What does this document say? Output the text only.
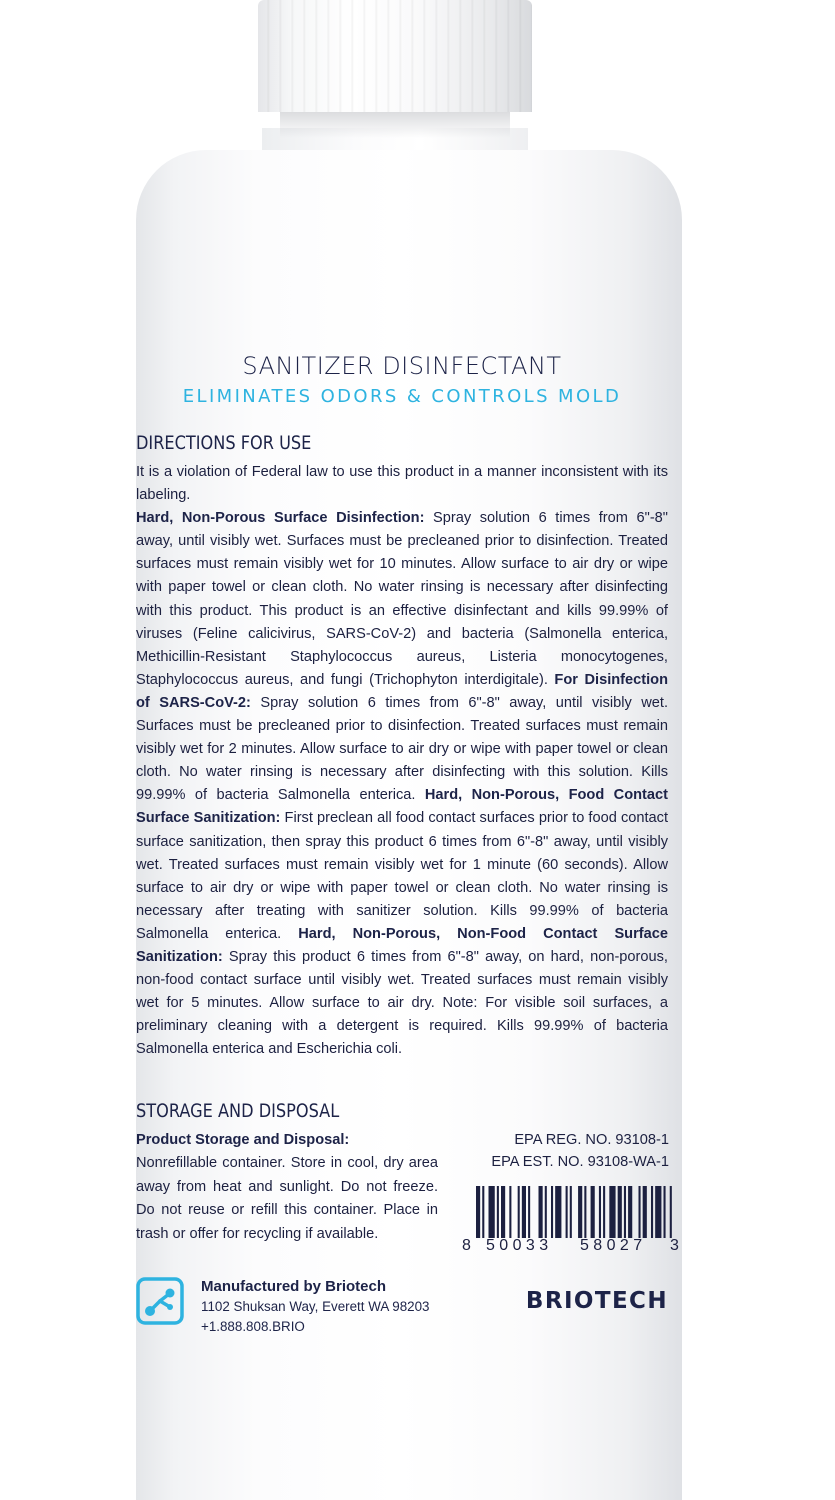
SANITIZER DISINFECTANT
ELIMINATES ODORS & CONTROLS MOLD
DIRECTIONS FOR USE
It is a violation of Federal law to use this product in a manner inconsistent with its labeling.
Hard, Non-Porous Surface Disinfection: Spray solution 6 times from 6"-8" away, until visibly wet. Surfaces must be precleaned prior to disinfection. Treated surfaces must remain visibly wet for 10 minutes. Allow surface to air dry or wipe with paper towel or clean cloth. No water rinsing is necessary after disinfecting with this product. This product is an effective disinfectant and kills 99.99% of viruses (Feline calicivirus, SARS-CoV-2) and bacteria (Salmonella enterica, Methicillin-Resistant Staphylococcus aureus, Listeria monocytogenes, Staphylococcus aureus, and fungi (Trichophyton interdigitale). For Disinfection of SARS-CoV-2: Spray solution 6 times from 6"-8" away, until visibly wet. Surfaces must be precleaned prior to disinfection. Treated surfaces must remain visibly wet for 2 minutes. Allow surface to air dry or wipe with paper towel or clean cloth. No water rinsing is necessary after disinfecting with this solution. Kills 99.99% of bacteria Salmonella enterica. Hard, Non-Porous, Food Contact Surface Sanitization: First preclean all food contact surfaces prior to food contact surface sanitization, then spray this product 6 times from 6"-8" away, until visibly wet. Treated surfaces must remain visibly wet for 1 minute (60 seconds). Allow surface to air dry or wipe with paper towel or clean cloth. No water rinsing is necessary after treating with sanitizer solution. Kills 99.99% of bacteria Salmonella enterica. Hard, Non-Porous, Non-Food Contact Surface Sanitization: Spray this product 6 times from 6"-8" away, on hard, non-porous, non-food contact surface until visibly wet. Treated surfaces must remain visibly wet for 5 minutes. Allow surface to air dry. Note: For visible soil surfaces, a preliminary cleaning with a detergent is required. Kills 99.99% of bacteria Salmonella enterica and Escherichia coli.
STORAGE AND DISPOSAL
Product Storage and Disposal:
Nonrefillable container. Store in cool, dry area away from heat and sunlight. Do not freeze. Do not reuse or refill this container. Place in trash or offer for recycling if available.
EPA REG. NO. 93108-1
EPA EST. NO. 93108-WA-1
8 50033 58027 3
Manufactured by Briotech
1102 Shuksan Way, Everett WA 98203
+1.888.808.BRIO
BRIOTECH
